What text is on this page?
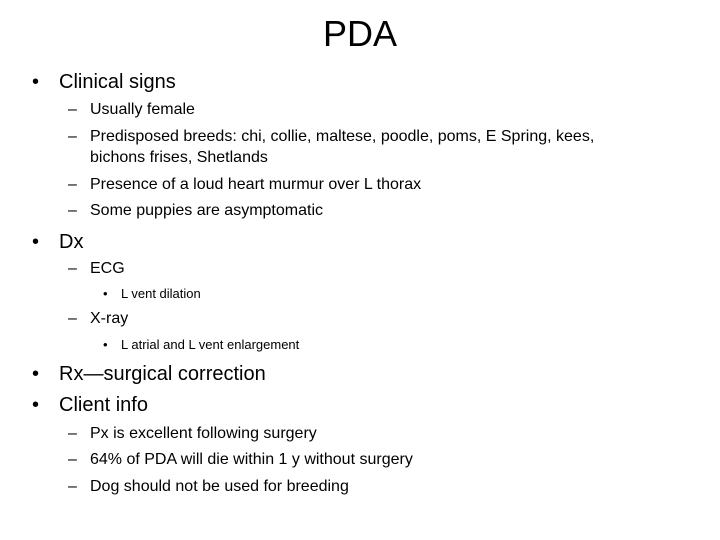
PDA
• Clinical signs
– Usually female
– Predisposed breeds: chi, collie, maltese, poodle, poms, E Spring, kees,
bichons frises, Shetlands
– Presence of a loud heart murmur over L thorax
– Some puppies are asymptomatic
• Dx
– ECG
• L vent dilation
– X-ray
• L atrial and L vent enlargement
• Rx—surgical correction
• Client info
– Px is excellent following surgery
– 64% of PDA will die within 1 y without surgery
– Dog should not be used for breeding
